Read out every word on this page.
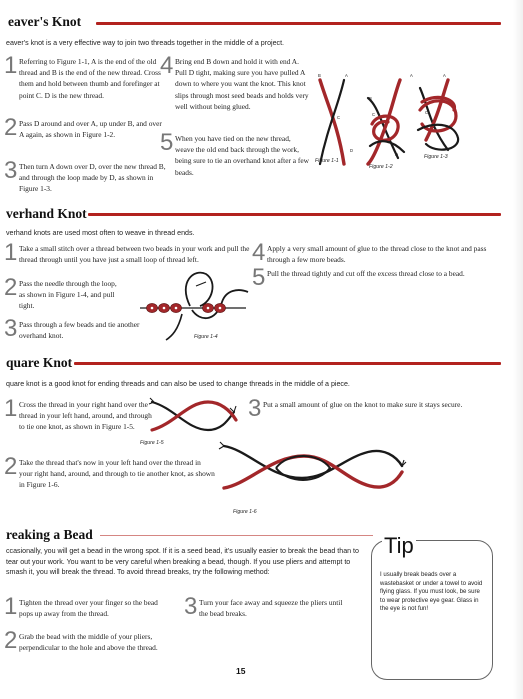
eaver's Knot
eaver's knot is a very effective way to join two threads together in the middle of a project.
1 Referring to Figure 1-1, A is the end of the old thread and B is the end of the new thread. Cross them and hold between thumb and forefinger at point C. D is the new thread.
2 Pass D around and over A, up under B, and over A again, as shown in Figure 1-2.
3 Then turn A down over D, over the new thread B, and through the loop made by D, as shown in Figure 1-3.
4 Bring end B down and hold it with end A. Pull D tight, making sure you have pulled A down to where you want the knot. This knot slips through most seed beads and holds very well without being glued.
5 When you have tied on the new thread, weave the old end back through the work, being sure to tie an overhand knot after a few beads.
B	A
C
D
B
A
C
D
A
C
Figure 1-1
Figure 1-2
Figure 1-3
verhand Knot
verhand knots are used most often to weave in thread ends.
1 Take a small stitch over a thread between two beads in your work and pull the thread through until you have just a small loop of thread left.
2 Pass the needle through the loop, as shown in Figure 1-4, and pull tight.
3 Pass through a few beads and tie another overhand knot.
4 Apply a very small amount of glue to the thread close to the knot and pass through a few more beads.
5 Pull the thread tightly and cut off the excess thread close to a bead.
Figure 1-4
quare Knot
quare knot is a good knot for ending threads and can also be used to change threads in the middle of a piece.
1 Cross the thread in your right hand over the thread in your left hand, around, and through to tie one knot, as shown in Figure 1-5.
2 Take the thread that's now in your left hand over the thread in your right hand, around, and through to tie another knot, as shown in Figure 1-6.
3 Put a small amount of glue on the knot to make sure it stays secure.
Figure 1-5
Figure 1-6
reaking a Bead
ccasionally, you will get a bead in the wrong spot. If it is a seed bead, it's usually easier to break the bead than to tear out your work. You want to be very careful when breaking a bead, though. If you use pliers and attempt to smash it, you will break the thread. To avoid thread breaks, try the following method:
1 Tighten the thread over your finger so the bead pops up away from the thread.
2 Grab the bead with the middle of your pliers, perpendicular to the hole and above the thread.
3 Turn your face away and squeeze the pliers until the bead breaks.
Tip
I usually break beads over a wastebasket or under a towel to avoid flying glass. If you must look, be sure to wear protective eye gear. Glass in the eye is not fun!
15
